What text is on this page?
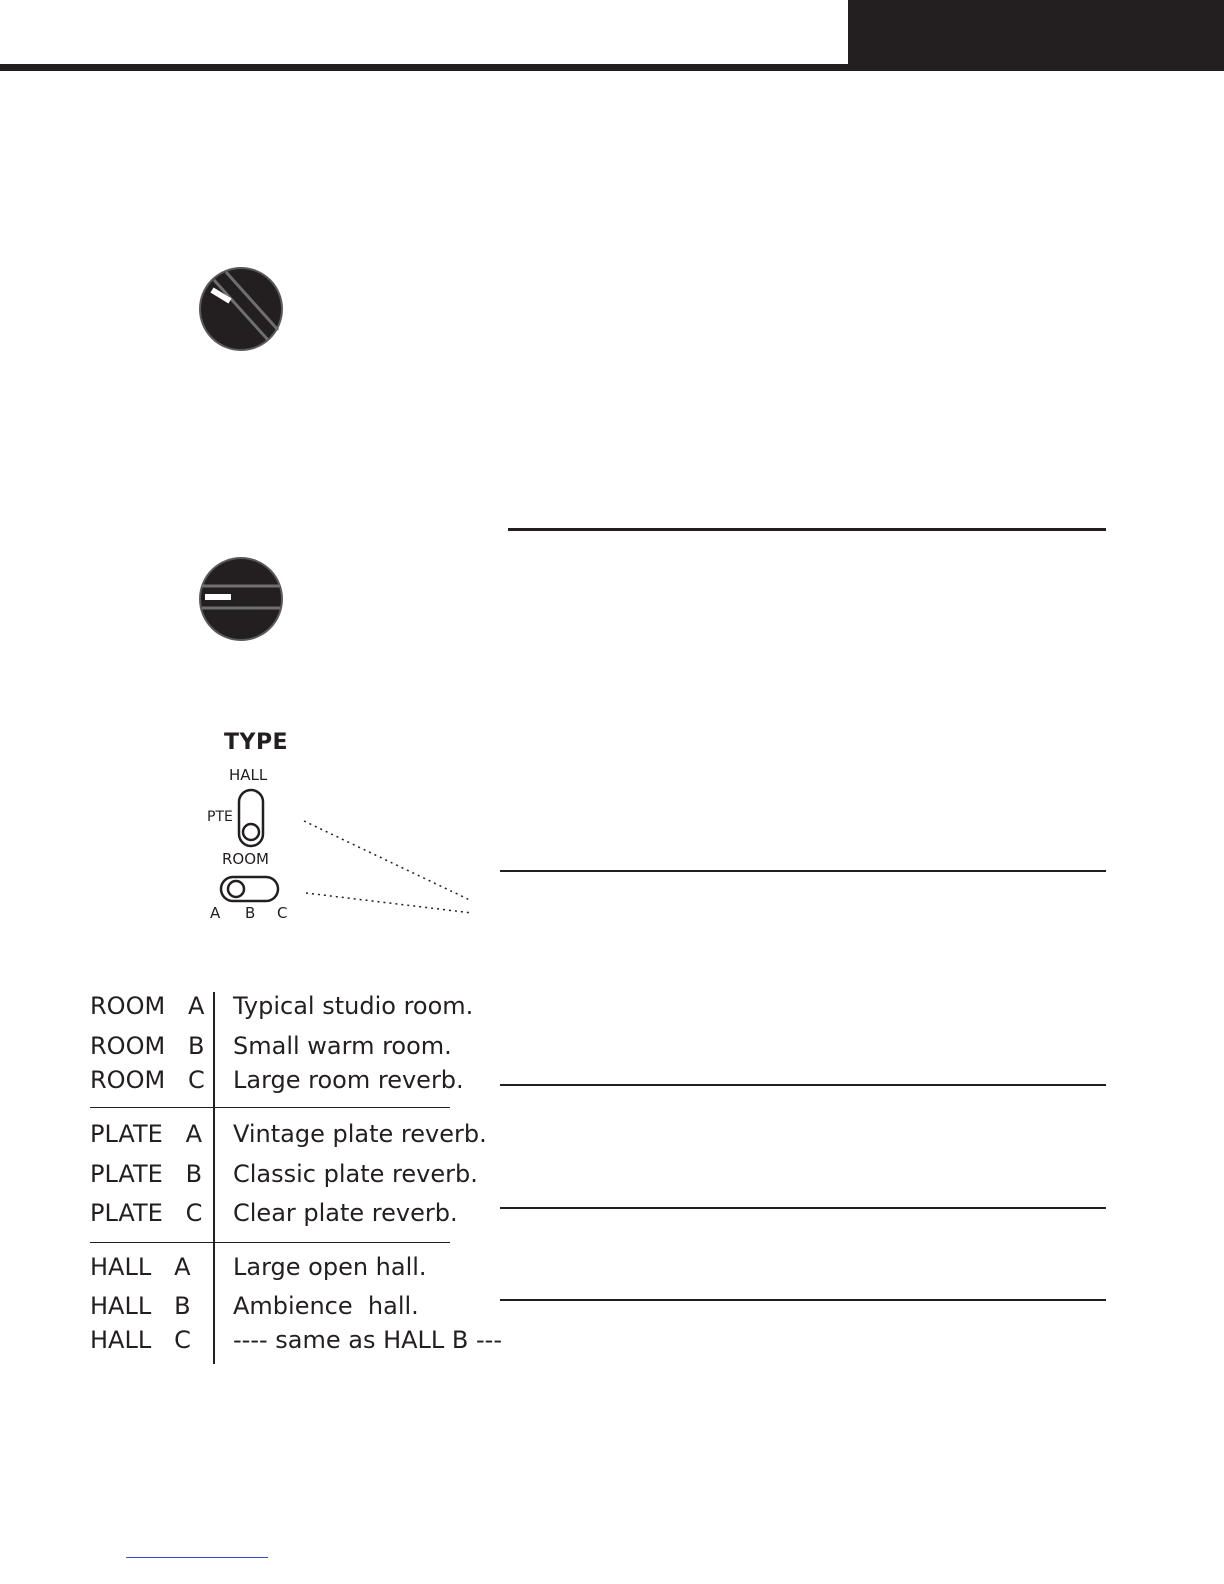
TYPE
HALL
PTE
ROOM
A B C
ROOM   A Typical studio room.
ROOM   B Small warm room.
ROOM   C Large room reverb.
PLATE   A Vintage plate reverb.
PLATE   B Classic plate reverb.
PLATE   C Clear plate reverb.
HALL   A Large open hall.
HALL   B Ambience  hall.
HALL   C ---- same as HALL B ---
